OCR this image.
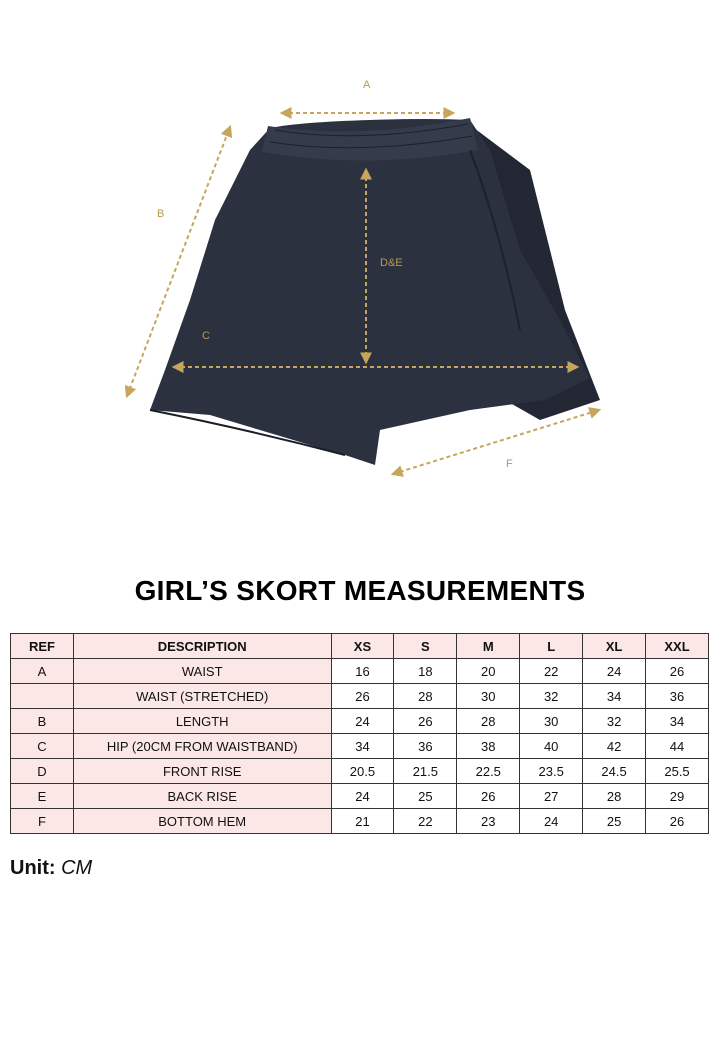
A
B
C
D&E
F
GIRL’S SKORT MEASUREMENTS
REF	DESCRIPTION	XS	S	M	L	XL	XXL
A	WAIST	16	18	20	22	24	26
	WAIST (STRETCHED)	26	28	30	32	34	36
B	LENGTH	24	26	28	30	32	34
C	HIP (20CM FROM WAISTBAND)	34	36	38	40	42	44
D	FRONT RISE	20.5	21.5	22.5	23.5	24.5	25.5
E	BACK RISE	24	25	26	27	28	29
F	BOTTOM HEM	21	22	23	24	25	26
Unit: CM
